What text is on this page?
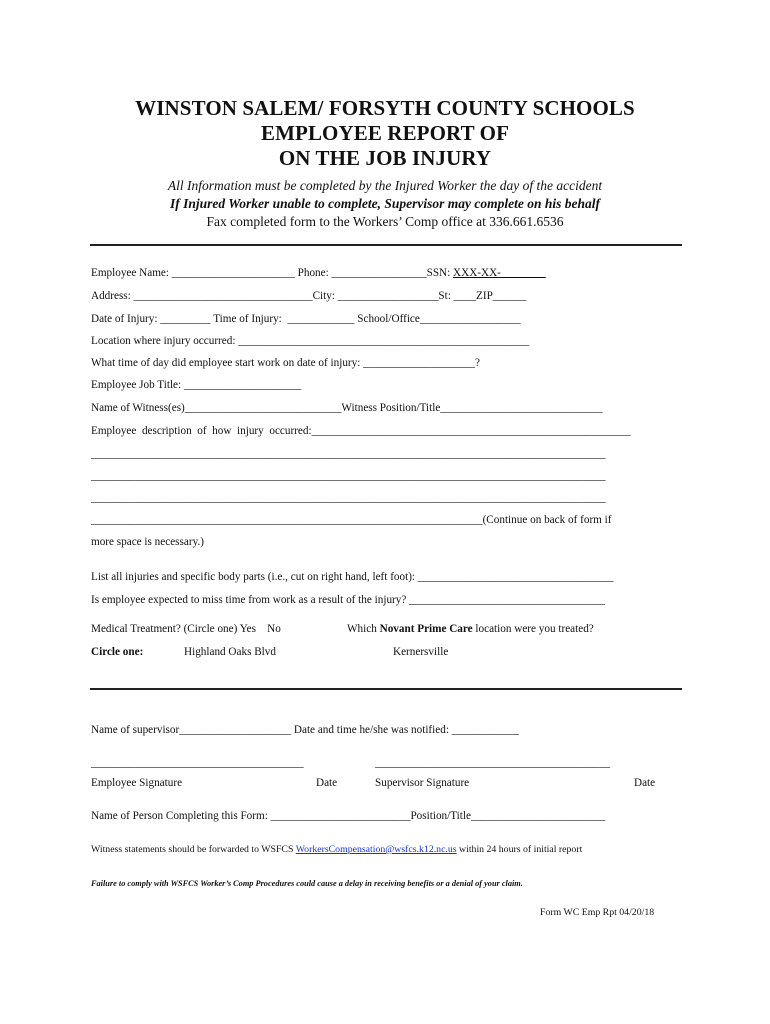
WINSTON SALEM/ FORSYTH COUNTY SCHOOLS
EMPLOYEE REPORT OF
ON THE JOB INJURY
All Information must be completed by the Injured Worker the day of the accident
If Injured Worker unable to complete, Supervisor may complete on his behalf
Fax completed form to the Workers’ Comp office at 336.661.6536
Employee Name: ______________________ Phone: _________________SSN: XXX-XX-________
Address: ________________________________City: __________________St: ____ZIP______
Date of Injury: _________ Time of Injury:  ____________ School/Office__________________
Location where injury occurred: ____________________________________________________
What time of day did employee start work on date of injury: ____________________?
Employee Job Title: _____________________
Name of Witness(es)____________________________Witness Position/Title_____________________________
Employee  description  of  how  injury  occurred:_________________________________________________________
____________________________________________________________________________________________
____________________________________________________________________________________________
____________________________________________________________________________________________
______________________________________________________________________(Continue on back of form if
more space is necessary.)
List all injuries and specific body parts (i.e., cut on right hand, left foot): ___________________________________
Is employee expected to miss time from work as a result of the injury? ___________________________________
Medical Treatment? (Circle one) Yes    No	Which Novant Prime Care location were you treated?
Circle one:	Highland Oaks Blvd	Kernersville
Name of supervisor____________________ Date and time he/she was notified: ____________
______________________________________	__________________________________________
Employee Signature	Date	Supervisor Signature	Date
Name of Person Completing this Form: _________________________Position/Title________________________
Witness statements should be forwarded to WSFCS WorkersCompensation@wsfcs.k12.nc.us within 24 hours of initial report
Failure to comply with WSFCS Worker’s Comp Procedures could cause a delay in receiving benefits or a denial of your claim.
Form WC Emp Rpt 04/20/18
